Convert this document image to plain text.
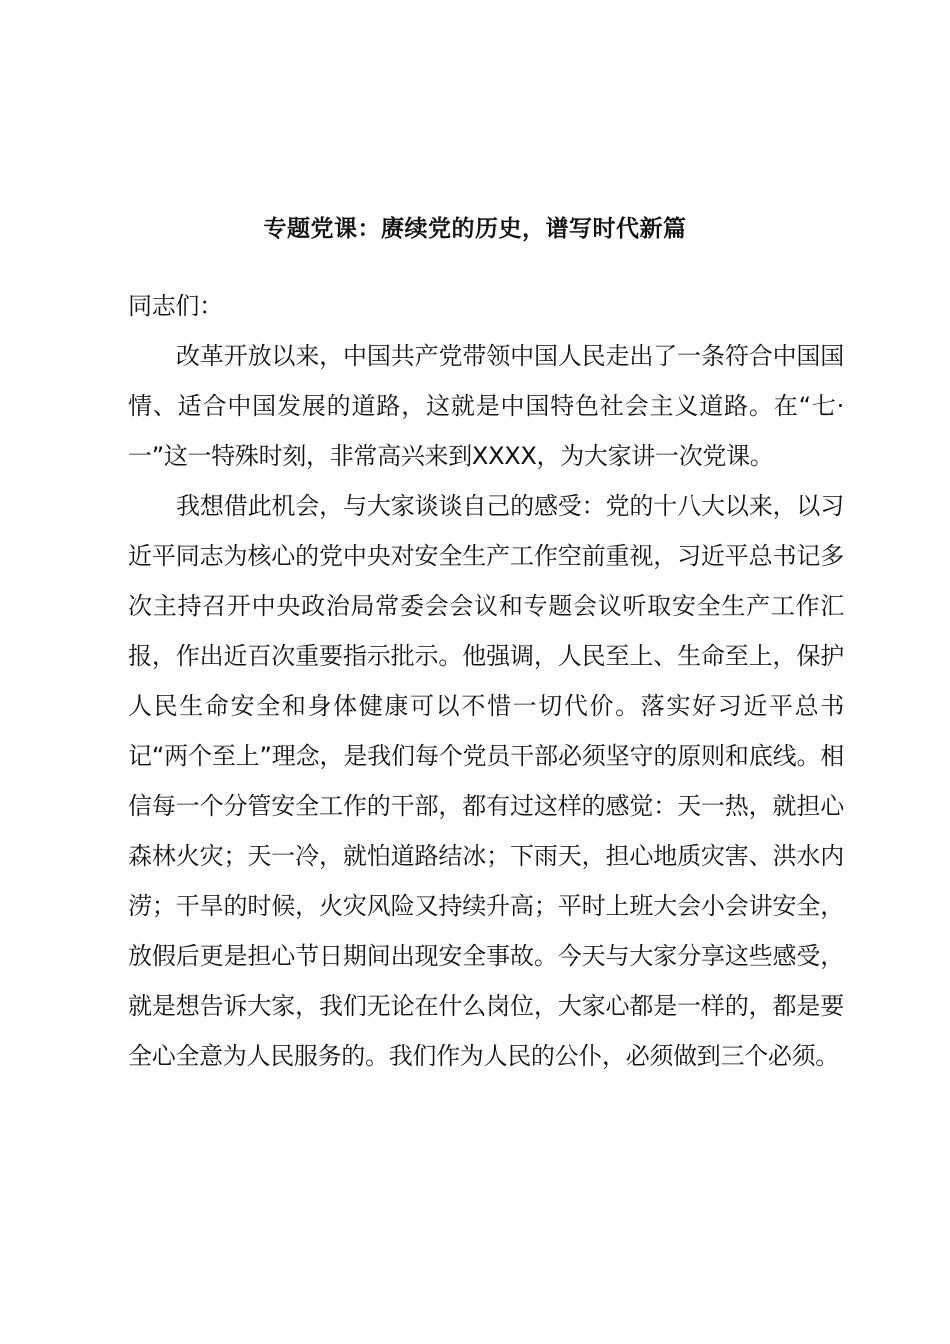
专题党课：赓续党的历史，谱写时代新篇

同志们：

改革开放以来，中国共产党带领中国人民走出了一条符合中国国情、适合中国发展的道路，这就是中国特色社会主义道路。在“七·一”这一特殊时刻，非常高兴来到XXXX，为大家讲一次党课。

我想借此机会，与大家谈谈自己的感受：党的十八大以来，以习近平同志为核心的党中央对安全生产工作空前重视，习近平总书记多次主持召开中央政治局常委会会议和专题会议听取安全生产工作汇报，作出近百次重要指示批示。他强调，人民至上、生命至上，保护人民生命安全和身体健康可以不惜一切代价。落实好习近平总书记“两个至上”理念，是我们每个党员干部必须坚守的原则和底线。相信每一个分管安全工作的干部，都有过这样的感觉：天一热，就担心森林火灾；天一冷，就怕道路结冰；下雨天，担心地质灾害、洪水内涝；干旱的时候，火灾风险又持续升高；平时上班大会小会讲安全，放假后更是担心节日期间出现安全事故。今天与大家分享这些感受，就是想告诉大家，我们无论在什么岗位，大家心都是一样的，都是要全心全意为人民服务的。我们作为人民的公仆，必须做到三个必须。
